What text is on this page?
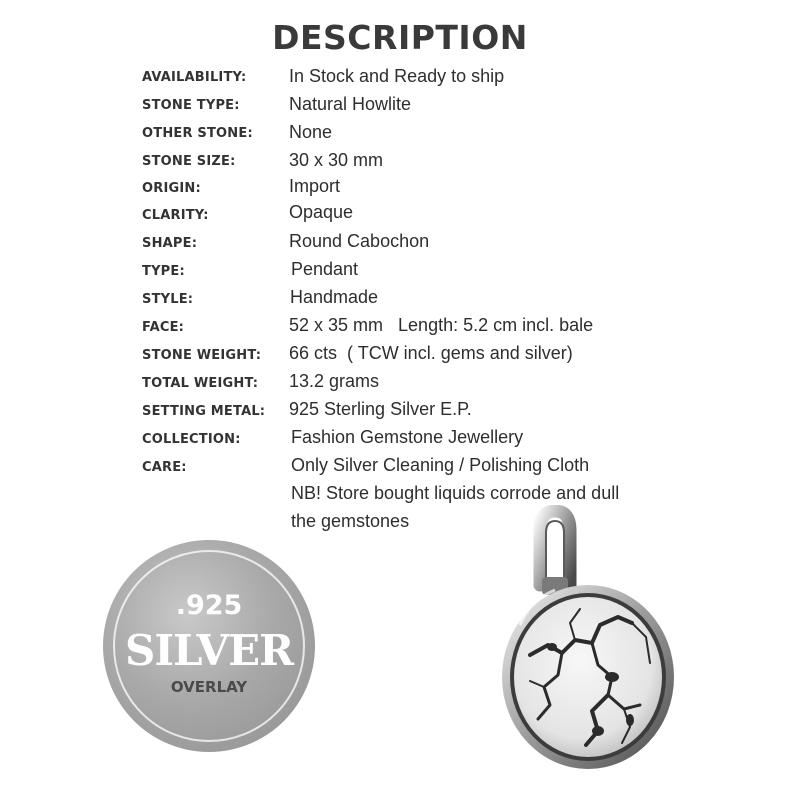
DESCRIPTION
AVAILABILITY: In Stock and Ready to ship
STONE TYPE:	Natural Howlite
OTHER STONE: None
STONE SIZE:	30 x 30 mm
ORIGIN:	Import
CLARITY:	Opaque
SHAPE:	Round Cabochon
TYPE:	Pendant
STYLE:	Handmade
FACE:	52 x 35 mm   Length: 5.2 cm incl. bale
STONE WEIGHT: 66 cts  ( TCW incl. gems and silver)
TOTAL WEIGHT: 13.2 grams
SETTING METAL: 925 Sterling Silver E.P.
COLLECTION:	Fashion Gemstone Jewellery
CARE:	Only Silver Cleaning / Polishing Cloth
NB! Store bought liquids corrode and dull
the gemstones
.925
SILVER
OVERLAY
